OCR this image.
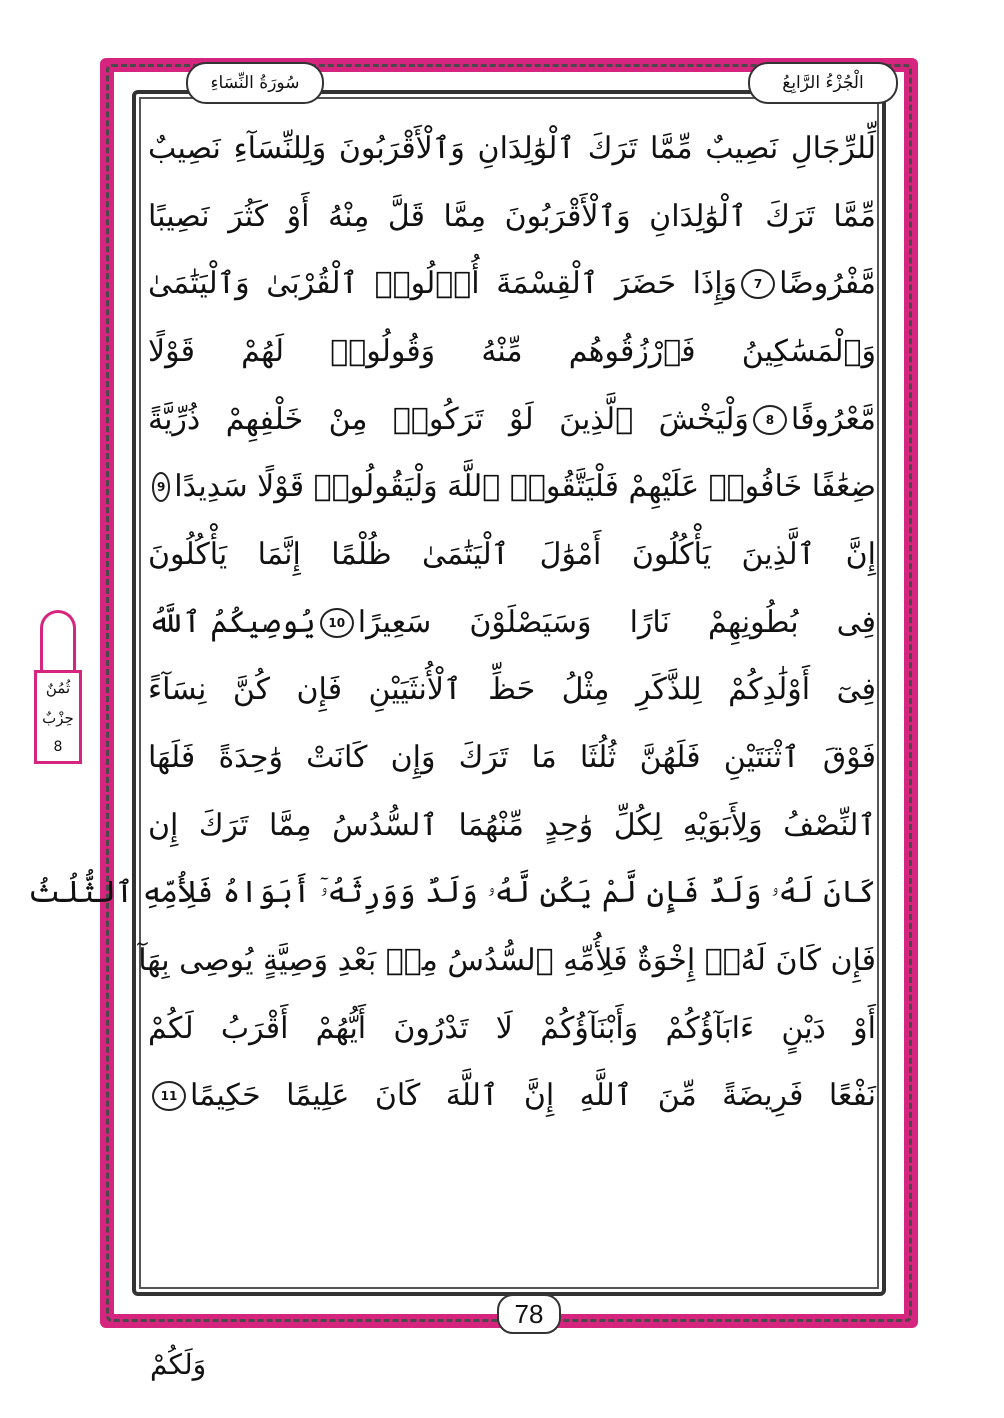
الْجُزْءُ الرَّابِعُ
سُورَةُ النِّسَاءِ
لِّلرِّجَالِ نَصِيبٌ مِّمَّا تَرَكَ ٱلْوَٰلِدَانِ وَٱلْأَقْرَبُونَ وَلِلنِّسَآءِ نَصِيبٌ
مِّمَّا تَرَكَ ٱلْوَٰلِدَانِ وَٱلْأَقْرَبُونَ مِمَّا قَلَّ مِنْهُ أَوْ كَثُرَ نَصِيبًا
مَّفْرُوضًا
7
وَإِذَا حَضَرَ ٱلْقِسْمَةَ أُو۟لُوا۟ ٱلْقُرْبَىٰ وَٱلْيَتَٰمَىٰ
وَٱلْمَسَٰكِينُ فَٱرْزُقُوهُم مِّنْهُ وَقُولُوا۟ لَهُمْ قَوْلًا
مَّعْرُوفًا
8
وَلْيَخْشَ ٱلَّذِينَ لَوْ تَرَكُوا۟ مِنْ خَلْفِهِمْ ذُرِّيَّةً
ضِعَٰفًا خَافُوا۟ عَلَيْهِمْ فَلْيَتَّقُوا۟ ٱللَّهَ وَلْيَقُولُوا۟ قَوْلًا سَدِيدًا
9
إِنَّ ٱلَّذِينَ يَأْكُلُونَ أَمْوَٰلَ ٱلْيَتَٰمَىٰ ظُلْمًا إِنَّمَا يَأْكُلُونَ
فِى بُطُونِهِمْ نَارًا وَسَيَصْلَوْنَ سَعِيرًا
10
يُوصِيكُمُ ٱللَّهُ
فِىٓ أَوْلَٰدِكُمْ لِلذَّكَرِ مِثْلُ حَظِّ ٱلْأُنثَيَيْنِ فَإِن كُنَّ نِسَآءً
فَوْقَ ٱثْنَتَيْنِ فَلَهُنَّ ثُلُثَا مَا تَرَكَ وَإِن كَانَتْ وَٰحِدَةً فَلَهَا
ٱلنِّصْفُ وَلِأَبَوَيْهِ لِكُلِّ وَٰحِدٍ مِّنْهُمَا ٱلسُّدُسُ مِمَّا تَرَكَ إِن
كَانَ لَهُۥ وَلَدٌ فَإِن لَّمْ يَكُن لَّهُۥ وَلَدٌ وَوَرِثَهُۥٓ أَبَوَاهُ فَلِأُمِّهِ ٱلثُّلُثُ
فَإِن كَانَ لَهُۥٓ إِخْوَةٌ فَلِأُمِّهِ ٱلسُّدُسُ مِنۢ بَعْدِ وَصِيَّةٍ يُوصِى بِهَآ
أَوْ دَيْنٍ ءَابَآؤُكُمْ وَأَبْنَآؤُكُمْ لَا تَدْرُونَ أَيُّهُمْ أَقْرَبُ لَكُمْ
نَفْعًا فَرِيضَةً مِّنَ ٱللَّهِ إِنَّ ٱللَّهَ كَانَ عَلِيمًا حَكِيمًا
11
ثُمُنٌ
حِزْبٌ
8
78
وَلَكُمْ
